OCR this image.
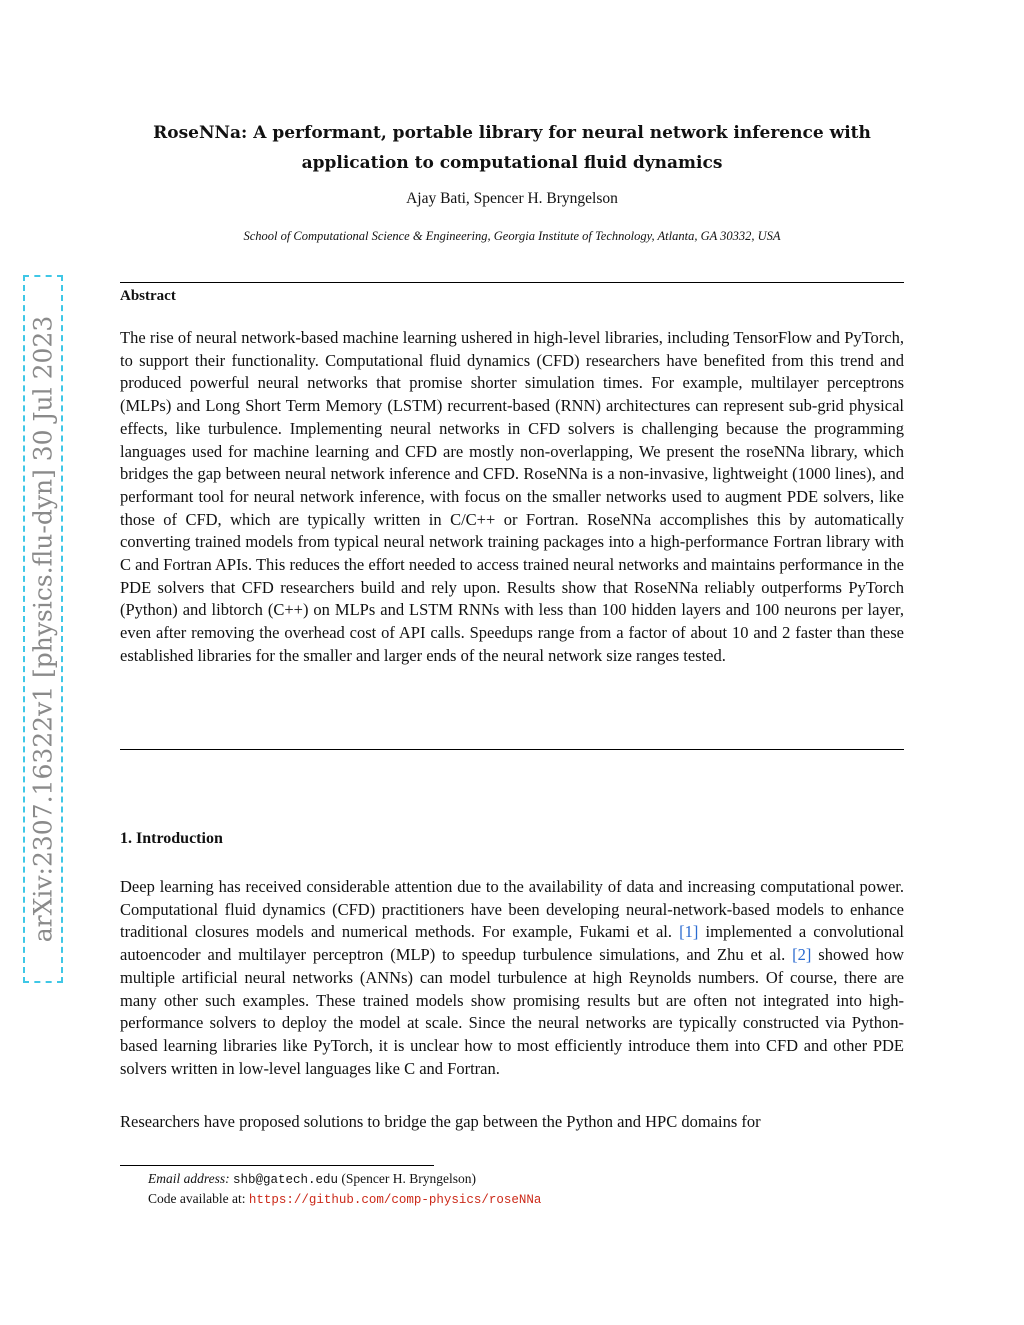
arXiv:2307.16322v1 [physics.flu-dyn] 30 Jul 2023
RoseNNa: A performant, portable library for neural network inference with
application to computational fluid dynamics
Ajay Bati, Spencer H. Bryngelson
School of Computational Science & Engineering, Georgia Institute of Technology, Atlanta, GA 30332, USA
Abstract

The rise of neural network-based machine learning ushered in high-level libraries, including TensorFlow and PyTorch, to support their functionality. Computational fluid dynamics (CFD) researchers have benefited from this trend and produced powerful neural networks that promise shorter simulation times. For example, multilayer perceptrons (MLPs) and Long Short Term Memory (LSTM) recurrent-based (RNN) architectures can represent sub-grid physical effects, like turbulence. Implementing neural networks in CFD solvers is challenging because the programming languages used for machine learning and CFD are mostly non-overlapping, We present the roseNNa library, which bridges the gap between neural network inference and CFD. RoseNNa is a non-invasive, lightweight (1000 lines), and performant tool for neural network inference, with focus on the smaller networks used to augment PDE solvers, like those of CFD, which are typically written in C/C++ or Fortran. RoseNNa accomplishes this by automatically converting trained models from typical neural network training packages into a high-performance Fortran library with C and Fortran APIs. This reduces the effort needed to access trained neural networks and maintains performance in the PDE solvers that CFD researchers build and rely upon. Results show that RoseNNa reliably outperforms PyTorch (Python) and libtorch (C++) on MLPs and LSTM RNNs with less than 100 hidden layers and 100 neurons per layer, even after removing the overhead cost of API calls. Speedups range from a factor of about 10 and 2 faster than these established libraries for the smaller and larger ends of the neural network size ranges tested.

1. Introduction

Deep learning has received considerable attention due to the availability of data and increasing computational power. Computational fluid dynamics (CFD) practitioners have been developing neural-network-based models to enhance traditional closures models and numerical methods. For example, Fukami et al. [1] implemented a convolutional autoencoder and multilayer perceptron (MLP) to speedup turbulence simulations, and Zhu et al. [2] showed how multiple artificial neural networks (ANNs) can model turbulence at high Reynolds numbers. Of course, there are many other such examples. These trained models show promising results but are often not integrated into high-performance solvers to deploy the model at scale. Since the neural networks are typically constructed via Python-based learning libraries like PyTorch, it is unclear how to most efficiently introduce them into CFD and other PDE solvers written in low-level languages like C and Fortran.

Researchers have proposed solutions to bridge the gap between the Python and HPC domains for

Email address: shb@gatech.edu (Spencer H. Bryngelson)
Code available at: https://github.com/comp-physics/roseNNa
